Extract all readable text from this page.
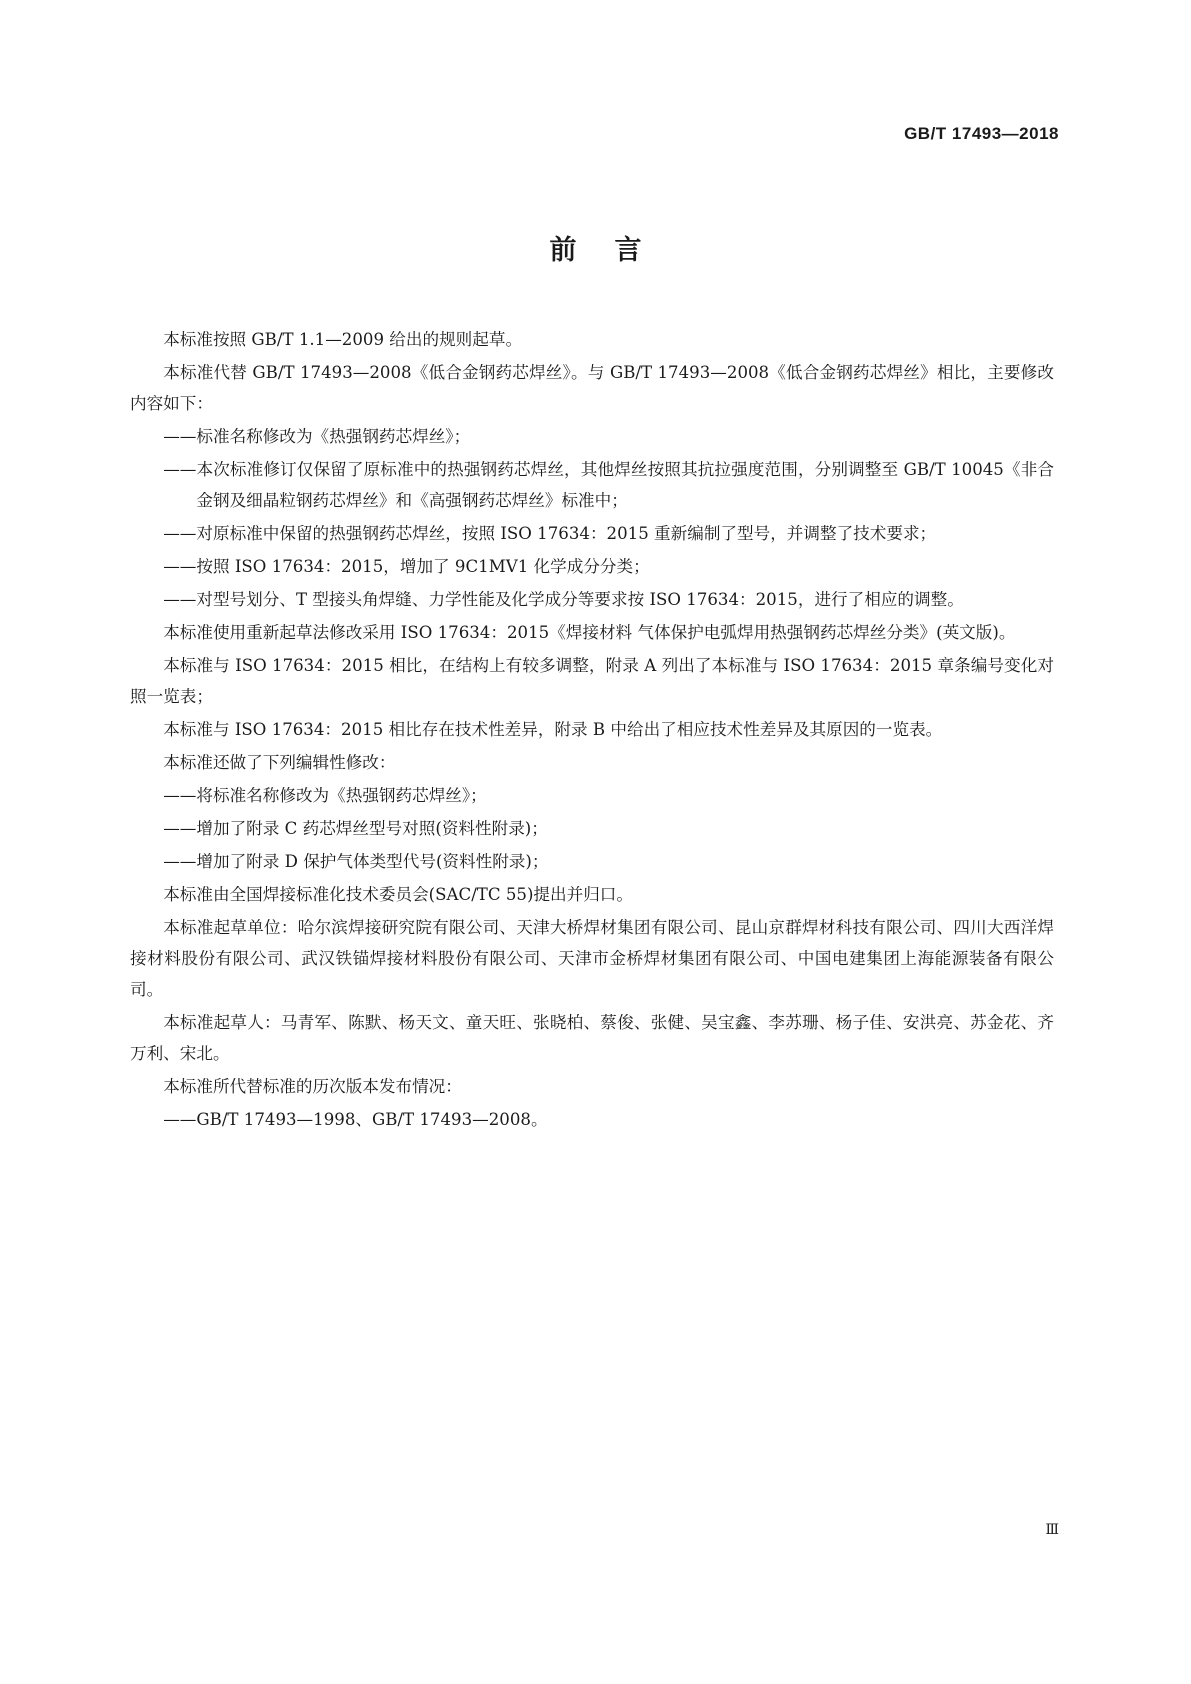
GB/T 17493—2018
前言

本标准按照 GB/T 1.1—2009 给出的规则起草。

本标准代替 GB/T 17493—2008《低合金钢药芯焊丝》。与 GB/T 17493—2008《低合金钢药芯焊丝》相比，主要修改内容如下：

——标准名称修改为《热强钢药芯焊丝》；

——本次标准修订仅保留了原标准中的热强钢药芯焊丝，其他焊丝按照其抗拉强度范围，分别调整至 GB/T 10045《非合金钢及细晶粒钢药芯焊丝》和《高强钢药芯焊丝》标准中；

——对原标准中保留的热强钢药芯焊丝，按照 ISO 17634：2015 重新编制了型号，并调整了技术要求；

——按照 ISO 17634：2015，增加了 9C1MV1 化学成分分类；

——对型号划分、T 型接头角焊缝、力学性能及化学成分等要求按 ISO 17634：2015，进行了相应的调整。

本标准使用重新起草法修改采用 ISO 17634：2015《焊接材料 气体保护电弧焊用热强钢药芯焊丝分类》(英文版)。

本标准与 ISO 17634：2015 相比，在结构上有较多调整，附录 A 列出了本标准与 ISO 17634：2015 章条编号变化对照一览表；

本标准与 ISO 17634：2015 相比存在技术性差异，附录 B 中给出了相应技术性差异及其原因的一览表。

本标准还做了下列编辑性修改：

——将标准名称修改为《热强钢药芯焊丝》；

——增加了附录 C 药芯焊丝型号对照(资料性附录)；

——增加了附录 D 保护气体类型代号(资料性附录)；

本标准由全国焊接标准化技术委员会(SAC/TC 55)提出并归口。

本标准起草单位：哈尔滨焊接研究院有限公司、天津大桥焊材集团有限公司、昆山京群焊材科技有限公司、四川大西洋焊接材料股份有限公司、武汉铁锚焊接材料股份有限公司、天津市金桥焊材集团有限公司、中国电建集团上海能源装备有限公司。

本标准起草人：马青军、陈默、杨天文、童天旺、张晓柏、蔡俊、张健、吴宝鑫、李苏珊、杨子佳、安洪亮、苏金花、齐万利、宋北。

本标准所代替标准的历次版本发布情况：

——GB/T 17493—1998、GB/T 17493—2008。

Ⅲ
